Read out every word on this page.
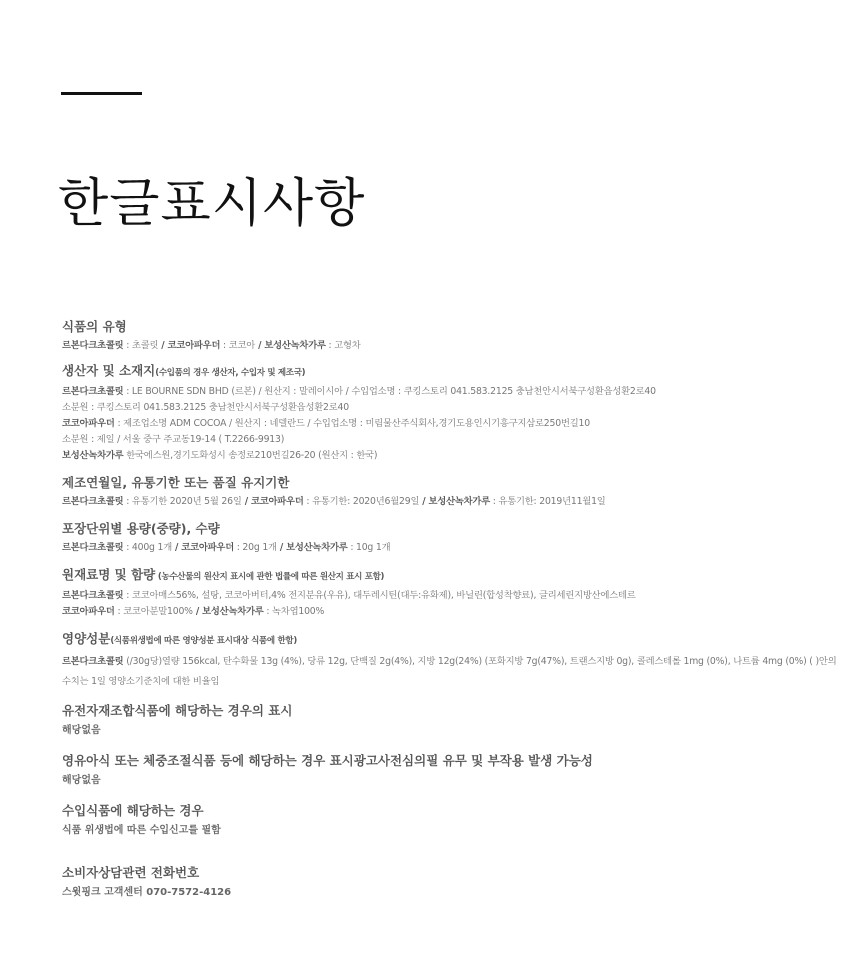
한글표시사항
식품의 유형
르본다크초콜릿 : 초콜릿 / 코코아파우더 : 코코아 / 보성산녹차가루 : 고형차
생산자 및 소재지(수입품의 경우 생산자, 수입자 및 제조국)
르본다크초콜릿 : LE BOURNE SDN BHD (르본) / 원산지 : 말레이시아 / 수입업소명 : 쿠킹스토리 041.583.2125 충남천안시서북구성환읍성환2로40
소분원 : 쿠킹스토리 041.583.2125 충남천안시서북구성환읍성환2로40
코코아파우더 : 제조업소명 ADM COCOA / 원산지 : 네델란드 / 수입업소명 : 미림물산주식회사,경기도용인시기흥구지삼로250번길10
소분원 : 제일 / 서울 중구 주교동19-14 ( T.2266-9913)
보성산녹차가루 한국에스원,경기도화성시 송정로210번길26-20 (원산지 : 한국)
제조연월일, 유통기한 또는 품질 유지기한
르본다크초콜릿 : 유통기한 2020년 5월 26일 / 코코아파우더 : 유통기한: 2020년6월29일 / 보성산녹차가루 : 유통기한: 2019년11월1일
포장단위별 용량(중량), 수량
르본다크초콜릿 : 400g 1개 / 코코아파우더 : 20g 1개 / 보성산녹차가루 : 10g 1개
원재료명 및 함량 (농수산물의 원산지 표시에 관한 법률에 따른 원산지 표시 포함)
르본다크초콜릿 : 코코아매스56%, 설탕, 코코아버터,4% 전지분유(우유), 대두레시틴(대두:유화제), 바닐린(합성착향료), 글리세린지방산에스테르
코코아파우더 : 코코아분말100% / 보성산녹차가루 : 녹차엽100%
영양성분(식품위생법에 따른 영양성분 표시대상 식품에 한함)
르본다크초콜릿 (/30g당)열량 156kcal, 탄수화물 13g (4%), 당류 12g, 단백질 2g(4%), 지방 12g(24%) (포화지방 7g(47%), 트랜스지방 0g), 콜레스테롤 1mg (0%), 나트륨 4mg (0%) ( )안의수치는 1일 영양소기준치에 대한 비율임
유전자재조합식품에 해당하는 경우의 표시
해당없음
영유아식 또는 체중조절식품 등에 해당하는 경우 표시광고사전심의필 유무 및 부작용 발생 가능성
해당없음
수입식품에 해당하는 경우
식품 위생법에 따른 수입신고를 필함
소비자상담관련 전화번호
스윗핑크 고객센터 070-7572-4126
